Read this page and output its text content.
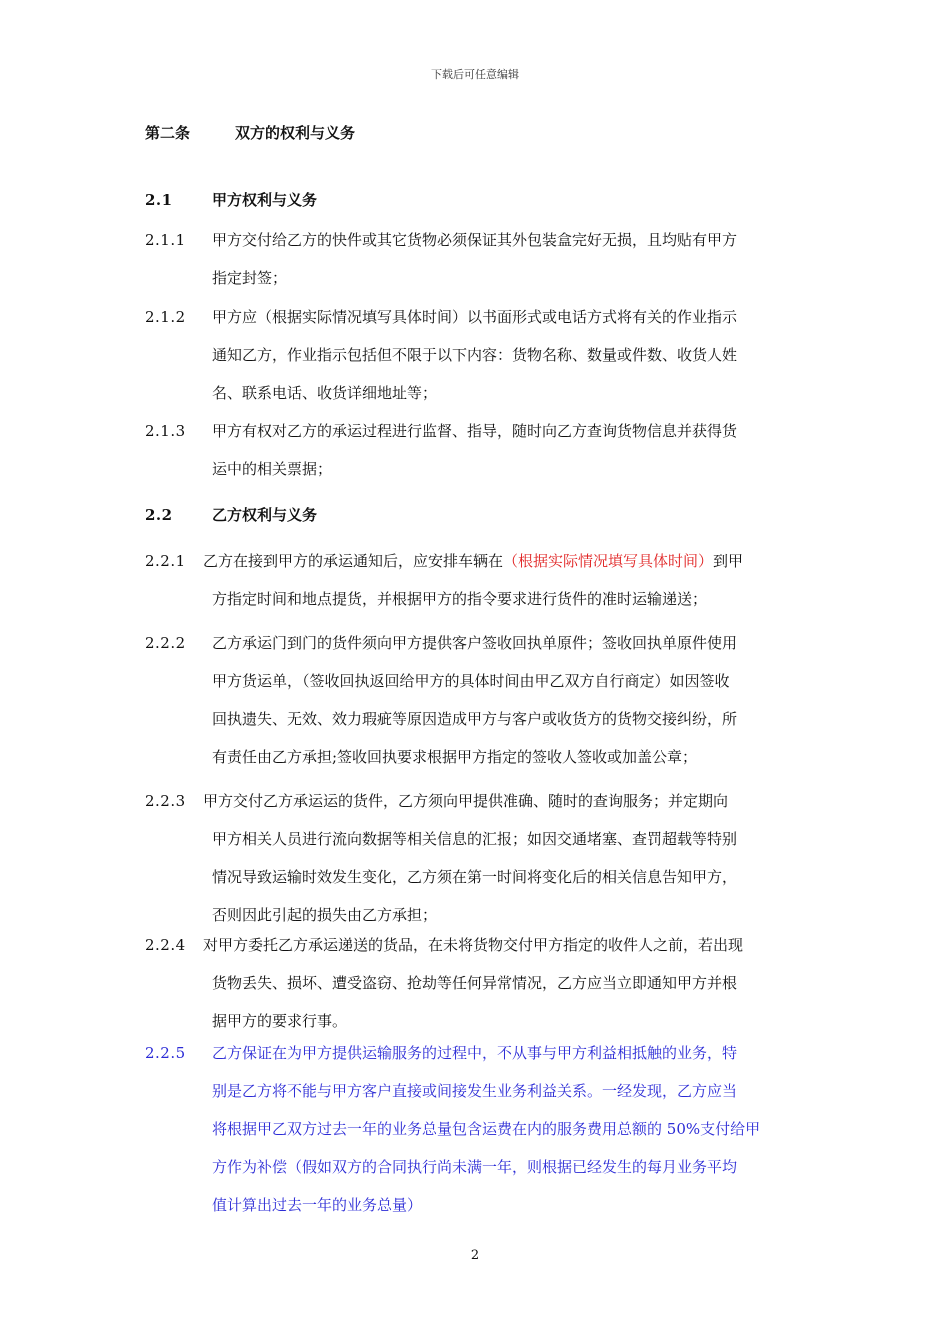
下载后可任意编辑
第二条	双方的权利与义务
2.1	甲方权利与义务
2.1.1 甲方交付给乙方的快件或其它货物必须保证其外包装盒完好无损，且均贴有甲方
指定封签；
2.1.2 甲方应（根据实际情况填写具体时间）以书面形式或电话方式将有关的作业指示
通知乙方，作业指示包括但不限于以下内容：货物名称、数量或件数、收货人姓
名、联系电话、收货详细地址等；
2.1.3 甲方有权对乙方的承运过程进行监督、指导，随时向乙方查询货物信息并获得货
运中的相关票据；
2.2	乙方权利与义务
2.2.1 乙方在接到甲方的承运通知后，应安排车辆在（根据实际情况填写具体时间）到甲
方指定时间和地点提货，并根据甲方的指令要求进行货件的准时运输递送；
2.2.2 乙方承运门到门的货件须向甲方提供客户签收回执单原件；签收回执单原件使用
甲方货运单，（签收回执返回给甲方的具体时间由甲乙双方自行商定）如因签收
回执遗失、无效、效力瑕疵等原因造成甲方与客户或收货方的货物交接纠纷，所
有责任由乙方承担;签收回执要求根据甲方指定的签收人签收或加盖公章；
2.2.3 甲方交付乙方承运运的货件，乙方须向甲提供准确、随时的查询服务；并定期向
甲方相关人员进行流向数据等相关信息的汇报；如因交通堵塞、查罚超载等特别
情况导致运输时效发生变化，乙方须在第一时间将变化后的相关信息告知甲方，
否则因此引起的损失由乙方承担；
2.2.4 对甲方委托乙方承运递送的货品，在未将货物交付甲方指定的收件人之前，若出现
货物丢失、损坏、遭受盗窃、抢劫等任何异常情况，乙方应当立即通知甲方并根
据甲方的要求行事。
2.2.5 乙方保证在为甲方提供运输服务的过程中，不从事与甲方利益相抵触的业务，特
别是乙方将不能与甲方客户直接或间接发生业务利益关系。一经发现，乙方应当
将根据甲乙双方过去一年的业务总量包含运费在内的服务费用总额的 50%支付给甲
方作为补偿（假如双方的合同执行尚未满一年，则根据已经发生的每月业务平均
值计算出过去一年的业务总量）
2
